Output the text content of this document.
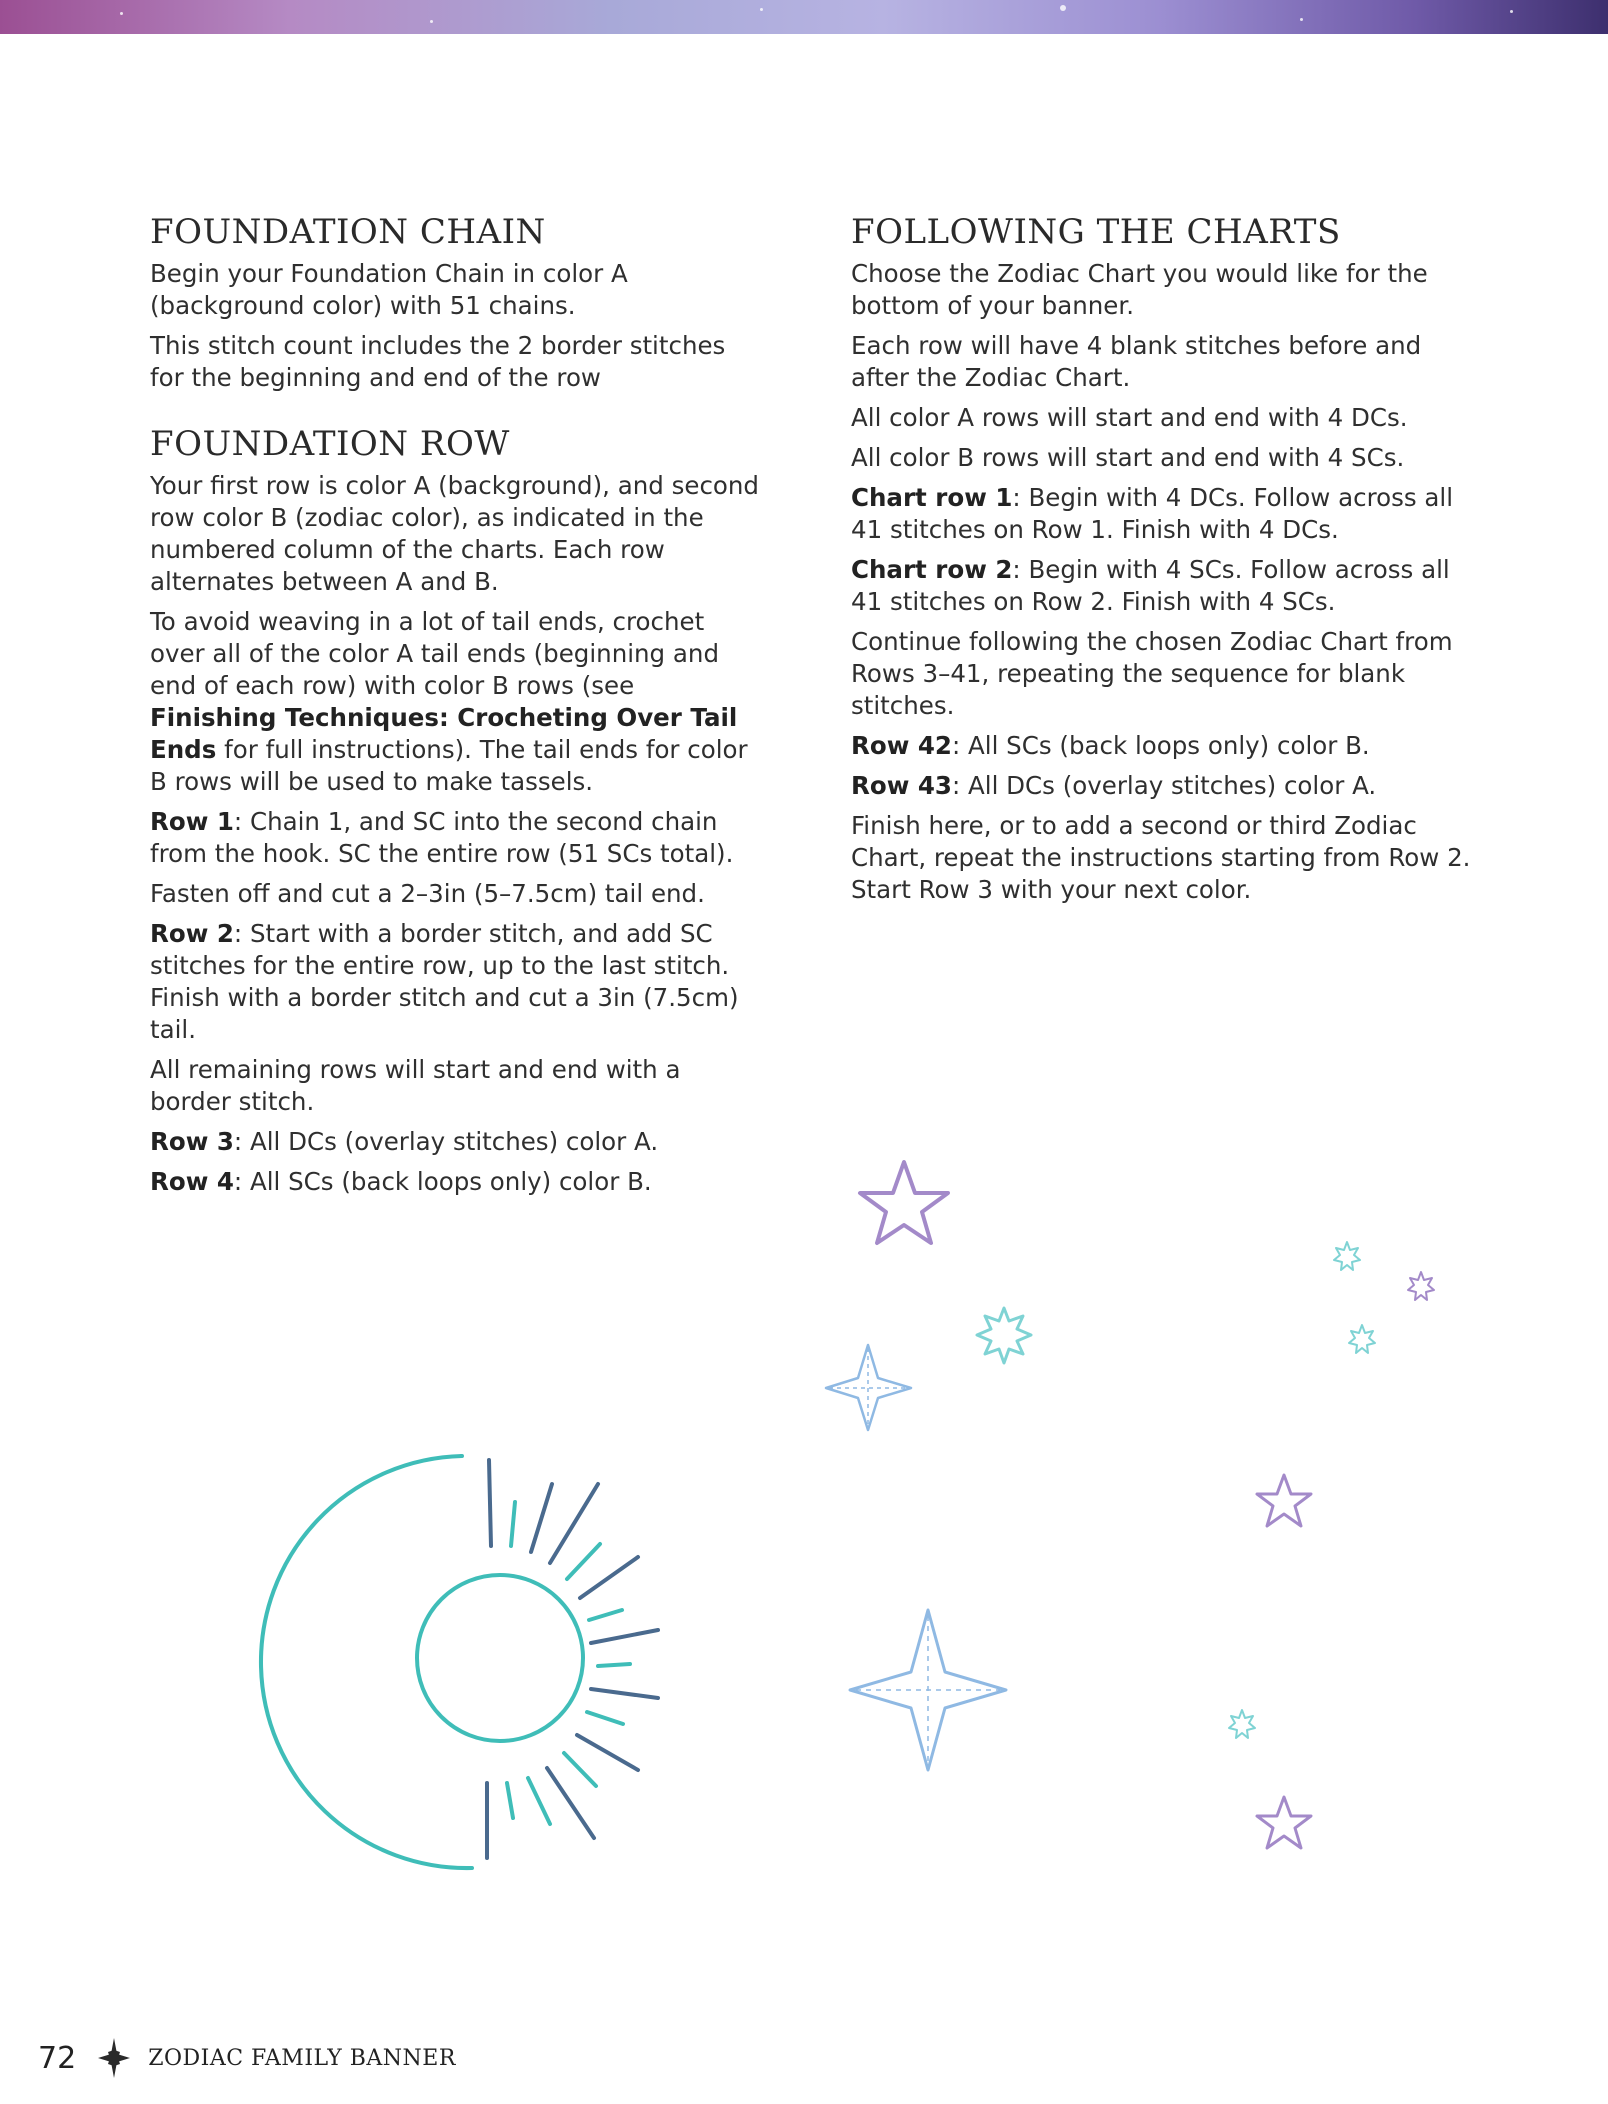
FOUNDATION CHAIN

Begin your Foundation Chain in color A (background color) with 51 chains.

This stitch count includes the 2 border stitches for the beginning and end of the row

FOUNDATION ROW

Your first row is color A (background), and second row color B (zodiac color), as indicated in the numbered column of the charts. Each row alternates between A and B.

To avoid weaving in a lot of tail ends, crochet over all of the color A tail ends (beginning and end of each row) with color B rows (see Finishing Techniques: Crocheting Over Tail Ends for full instructions). The tail ends for color B rows will be used to make tassels.

Row 1: Chain 1, and SC into the second chain from the hook. SC the entire row (51 SCs total).

Fasten off and cut a 2–3in (5–7.5cm) tail end.

Row 2: Start with a border stitch, and add SC stitches for the entire row, up to the last stitch. Finish with a border stitch and cut a 3in (7.5cm) tail.

All remaining rows will start and end with a border stitch.

Row 3: All DCs (overlay stitches) color A.

Row 4: All SCs (back loops only) color B.

FOLLOWING THE CHARTS

Choose the Zodiac Chart you would like for the bottom of your banner.

Each row will have 4 blank stitches before and after the Zodiac Chart.

All color A rows will start and end with 4 DCs.

All color B rows will start and end with 4 SCs.

Chart row 1: Begin with 4 DCs. Follow across all 41 stitches on Row 1. Finish with 4 DCs.

Chart row 2: Begin with 4 SCs. Follow across all 41 stitches on Row 2. Finish with 4 SCs.

Continue following the chosen Zodiac Chart from Rows 3–41, repeating the sequence for blank stitches.

Row 42: All SCs (back loops only) color B.

Row 43: All DCs (overlay stitches) color A.

Finish here, or to add a second or third Zodiac Chart, repeat the instructions starting from Row 2. Start Row 3 with your next color.

72	ZODIAC FAMILY BANNER
